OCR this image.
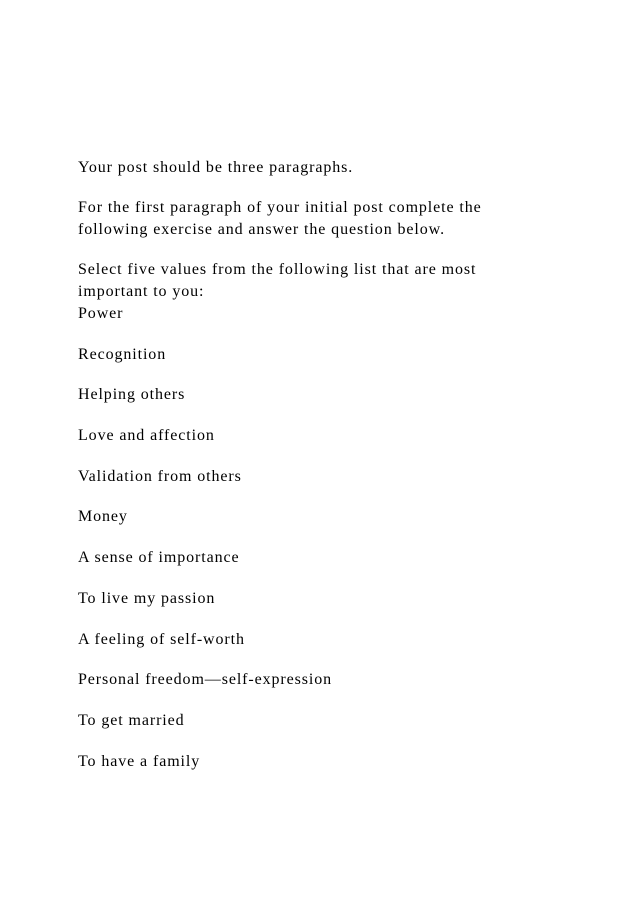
Your post should be three paragraphs.

For the first paragraph of your initial post complete the

following exercise and answer the question below.

Select five values from the following list that are most

important to you:

Power
Recognition
Helping others
Love and affection
Validation from others
Money
A sense of importance
To live my passion
A feeling of self-worth
Personal freedom—self-expression
To get married
To have a family
